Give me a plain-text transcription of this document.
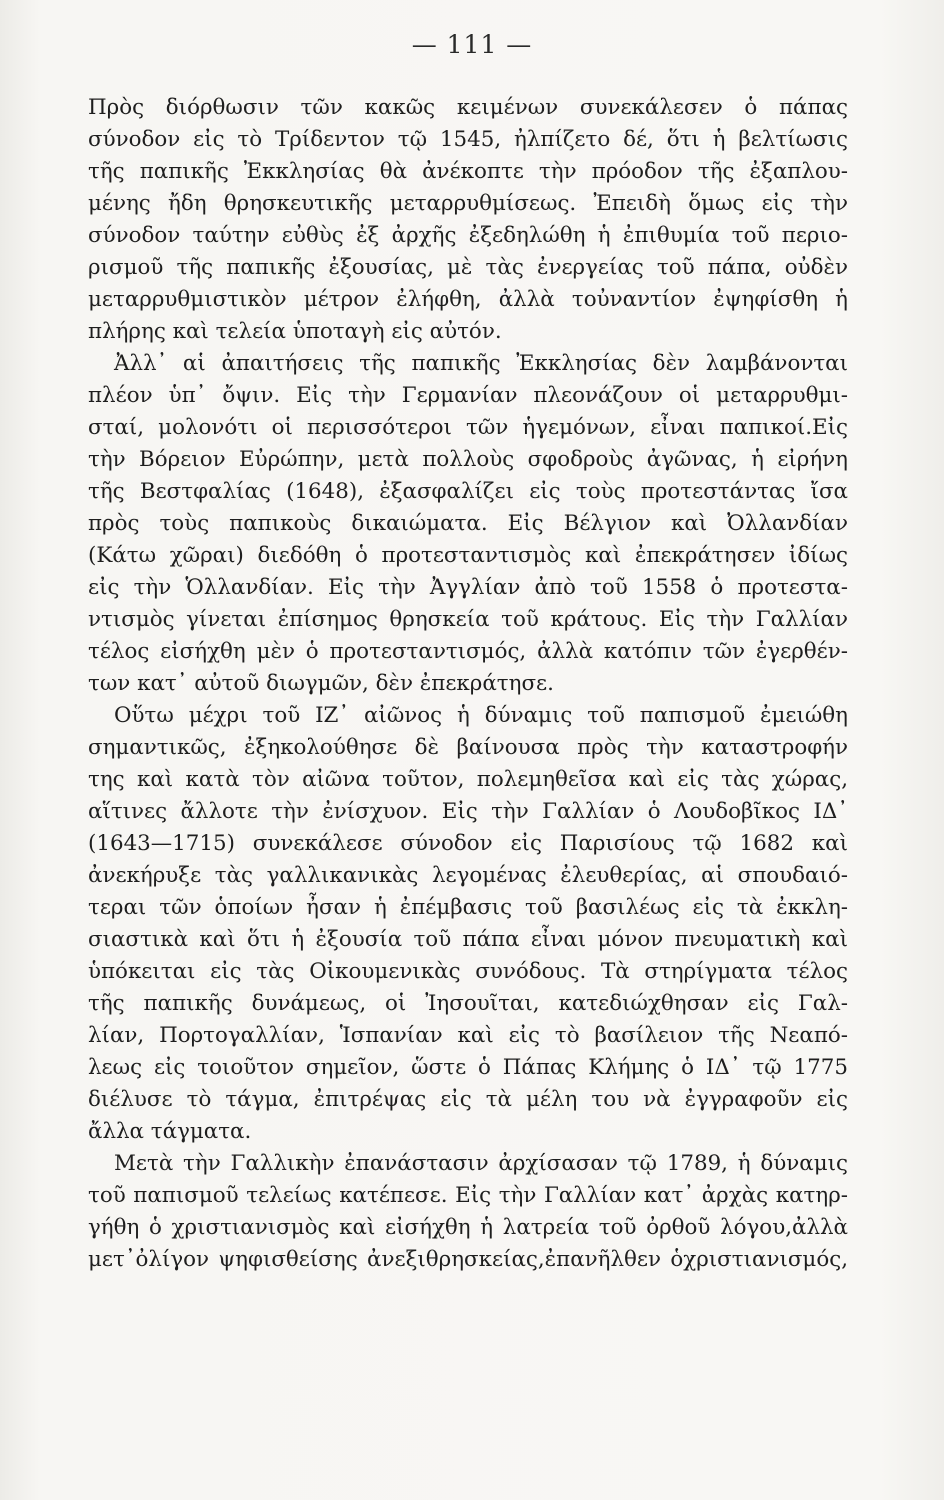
— 111 —
Πρὸς διόρθωσιν τῶν κακῶς κειμένων συνεκάλεσεν ὁ πάπας
σύνοδον εἰς τὸ Τρίδεντον τῷ 1545, ἠλπίζετο δέ, ὅτι ἡ βελτίωσις
τῆς παπικῆς Ἐκκλησίας θὰ ἀνέκοπτε τὴν πρόοδον τῆς ἐξαπλου-
μένης ἤδη θρησκευτικῆς μεταρρυθμίσεως. Ἐπειδὴ ὅμως εἰς τὴν
σύνοδον ταύτην εὐθὺς ἐξ ἀρχῆς ἐξεδηλώθη ἡ ἐπιθυμία τοῦ περιο-
ρισμοῦ τῆς παπικῆς ἐξουσίας, μὲ τὰς ἐνεργείας τοῦ πάπα, οὐδὲν
μεταρρυθμιστικὸν μέτρον ἐλήφθη, ἀλλὰ τοὐναντίον ἐψηφίσθη ἡ
πλήρης καὶ τελεία ὑποταγὴ εἰς αὐτόν.
Ἀλλ᾽ αἱ ἀπαιτήσεις τῆς παπικῆς Ἐκκλησίας δὲν λαμβάνονται
πλέον ὑπ᾽ ὄψιν. Εἰς τὴν Γερμανίαν πλεονάζουν οἱ μεταρρυθμι-
σταί, μολονότι οἱ περισσότεροι τῶν ἡγεμόνων, εἶναι παπικοί.Εἰς
τὴν Βόρειον Εὐρώπην, μετὰ πολλοὺς σφοδροὺς ἀγῶνας, ἡ εἰρήνη
τῆς Βεστφαλίας (1648), ἐξασφαλίζει εἰς τοὺς προτεστάντας ἴσα
πρὸς τοὺς παπικοὺς δικαιώματα. Εἰς Βέλγιον καὶ Ὀλλανδίαν
(Κάτω χῶραι) διεδόθη ὁ προτεσταντισμὸς καὶ ἐπεκράτησεν ἰδίως
εἰς τὴν Ὁλλανδίαν. Εἰς τὴν Ἀγγλίαν ἀπὸ τοῦ 1558 ὁ προτεστα-
ντισμὸς γίνεται ἐπίσημος θρησκεία τοῦ κράτους. Εἰς τὴν Γαλλίαν
τέλος εἰσήχθη μὲν ὁ προτεσταντισμός, ἀλλὰ κατόπιν τῶν ἐγερθέν-
των κατ᾽ αὐτοῦ διωγμῶν, δὲν ἐπεκράτησε.
Οὕτω μέχρι τοῦ ΙΖ᾽ αἰῶνος ἡ δύναμις τοῦ παπισμοῦ ἐμειώθη
σημαντικῶς, ἐξηκολούθησε δὲ βαίνουσα πρὸς τὴν καταστροφήν
της καὶ κατὰ τὸν αἰῶνα τοῦτον, πολεμηθεῖσα καὶ εἰς τὰς χώρας,
αἵτινες ἄλλοτε τὴν ἐνίσχυον. Εἰς τὴν Γαλλίαν ὁ Λουδοβῖκος ΙΔ᾽
(1643—1715) συνεκάλεσε σύνοδον εἰς Παρισίους τῷ 1682 καὶ
ἀνεκήρυξε τὰς γαλλικανικὰς λεγομένας ἐλευθερίας, αἱ σπουδαιό-
τεραι τῶν ὁποίων ἦσαν ἡ ἐπέμβασις τοῦ βασιλέως εἰς τὰ ἐκκλη-
σιαστικὰ καὶ ὅτι ἡ ἐξουσία τοῦ πάπα εἶναι μόνον πνευματικὴ καὶ
ὑπόκειται εἰς τὰς Οἰκουμενικὰς συνόδους. Τὰ στηρίγματα τέλος
τῆς παπικῆς δυνάμεως, οἱ Ἰησουῖται, κατεδιώχθησαν εἰς Γαλ-
λίαν, Πορτογαλλίαν, Ἱσπανίαν καὶ εἰς τὸ βασίλειον τῆς Νεαπό-
λεως εἰς τοιοῦτον σημεῖον, ὥστε ὁ Πάπας Κλήμης ὁ ΙΔ᾽ τῷ 1775
διέλυσε τὸ τάγμα, ἐπιτρέψας εἰς τὰ μέλη του νὰ ἐγγραφοῦν εἰς
ἄλλα τάγματα.
Μετὰ τὴν Γαλλικὴν ἐπανάστασιν ἀρχίσασαν τῷ 1789, ἡ δύναμις
τοῦ παπισμοῦ τελείως κατέπεσε. Εἰς τὴν Γαλλίαν κατ᾽ ἀρχὰς κατηρ-
γήθη ὁ χριστιανισμὸς καὶ εἰσήχθη ἡ λατρεία τοῦ ὀρθοῦ λόγου,ἀλλὰ
μετ᾽ὀλίγον ψηφισθείσης ἀνεξιθρησκείας,ἐπανῆλθεν ὁχριστιανισμός,
